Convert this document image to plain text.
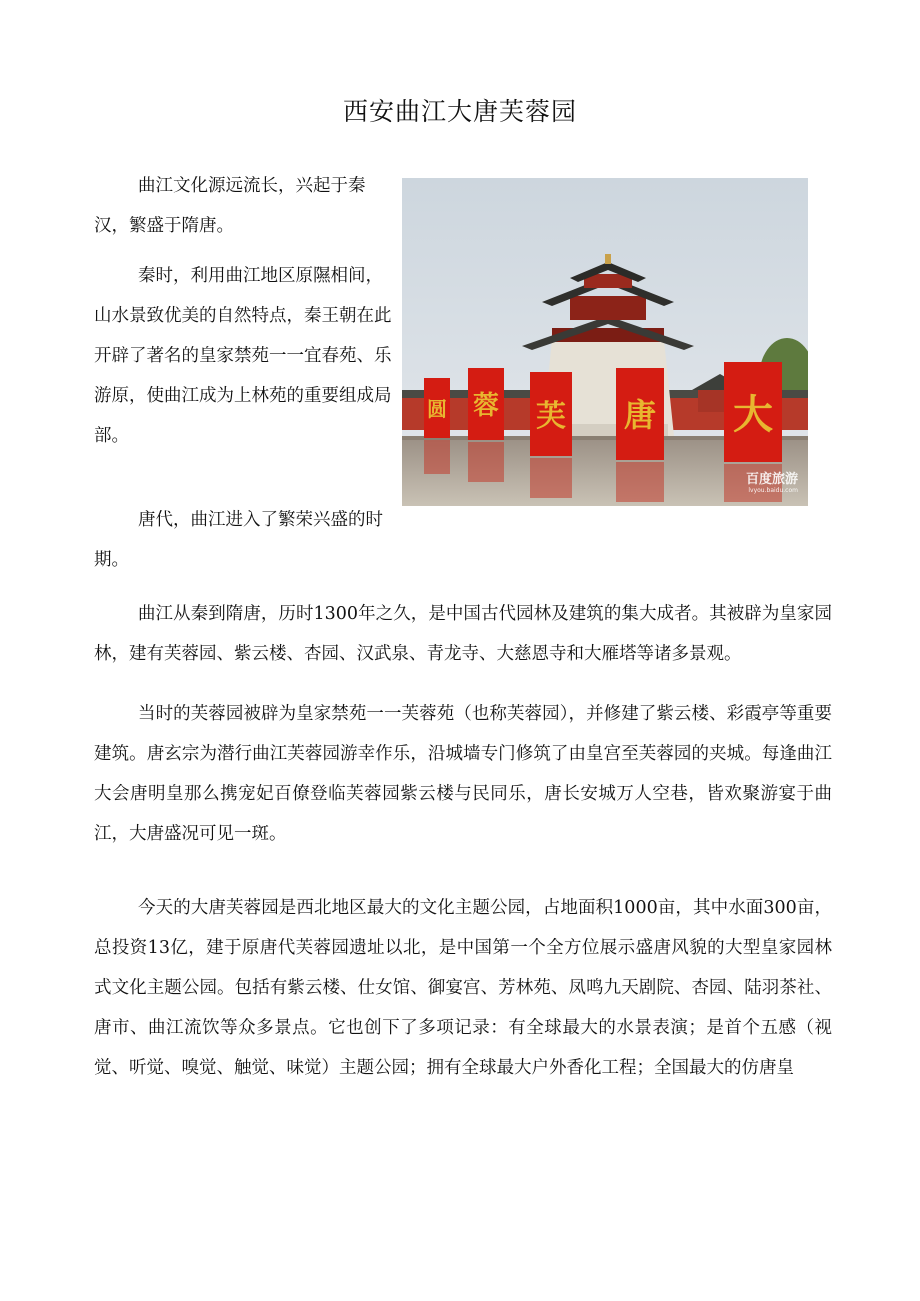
西安曲江大唐芙蓉园

曲江文化源远流长，兴起于秦汉，繁盛于隋唐。

秦时，利用曲江地区原隰相间，山水景致优美的自然特点，秦王朝在此开辟了著名的皇家禁苑一一宜春苑、乐游原，使曲江成为上林苑的重要组成局部。

唐代，曲江进入了繁荣兴盛的时期。

圆 蓉 芙 唐 大
百度旅游
lvyou.baidu.com

曲江从秦到隋唐，历时1300年之久，是中国古代园林及建筑的集大成者。其被辟为皇家园林，建有芙蓉园、紫云楼、杏园、汉武泉、青龙寺、大慈恩寺和大雁塔等诸多景观。

当时的芙蓉园被辟为皇家禁苑一一芙蓉苑（也称芙蓉园），并修建了紫云楼、彩霞亭等重要建筑。唐玄宗为潜行曲江芙蓉园游幸作乐，沿城墙专门修筑了由皇宫至芙蓉园的夹城。每逢曲江大会唐明皇那么携宠妃百僚登临芙蓉园紫云楼与民同乐，唐长安城万人空巷，皆欢聚游宴于曲江，大唐盛况可见一斑。

今天的大唐芙蓉园是西北地区最大的文化主题公园，占地面积1000亩，其中水面300亩，总投资13亿，建于原唐代芙蓉园遗址以北，是中国第一个全方位展示盛唐风貌的大型皇家园林式文化主题公园。包括有紫云楼、仕女馆、御宴宫、芳林苑、凤鸣九天剧院、杏园、陆羽茶社、唐市、曲江流饮等众多景点。它也创下了多项记录：有全球最大的水景表演；是首个五感（视觉、听觉、嗅觉、触觉、味觉）主题公园；拥有全球最大户外香化工程；全国最大的仿唐皇
